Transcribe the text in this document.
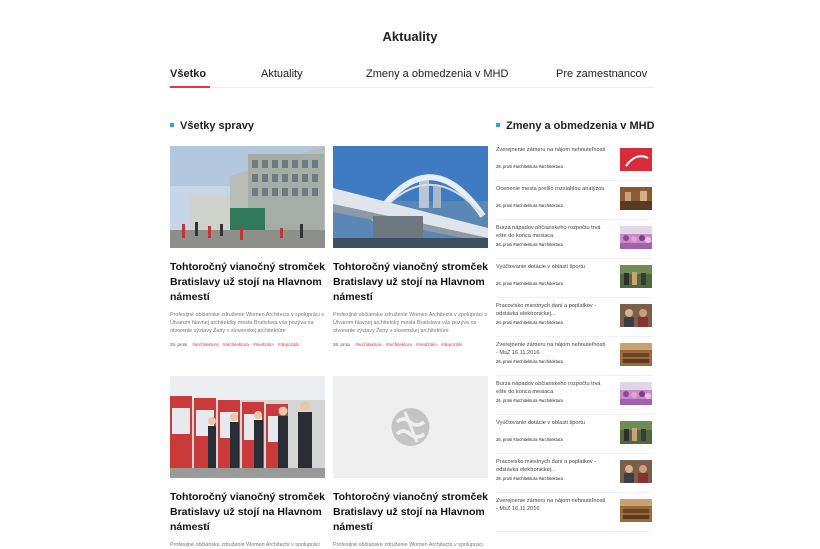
Aktuality
Všetko	Aktuality	Zmeny a obmedzenia v MHD	Pre zamestnancov
Všetky spravy	Zmeny a obmedzenia v MHD
Tohtoročný vianočný stromček Bratislavy už stojí na Hlavnom námestí
Profesijné občianske združenie Women Architects v spolupráci s Útvarom hlavnej architektky mesta Bratislava vás pozýva na otvorenie výstavy Ženy v slovenskej architektúre
26. prosi #architektura #architektura #medzitím #depozitár
Tohtoročný vianočný stromček Bratislavy už stojí na Hlavnom námestí
Profesijné občianske združenie Women Architects v spolupráci s Útvarom hlavnej architektky mesta Bratislava vás pozýva na otvorenie výstavy Ženy v slovenskej architektúre
26. prosi #architektura #architektura #medzitím #depozitár
Tohtoročný vianočný stromček Bratislavy už stojí na Hlavnom námestí
Profesijné občianske združenie Women Architects v spolupráci
Tohtoročný vianočný stromček Bratislavy už stojí na Hlavnom námestí
Profesijné občianske združenie Women Architects v spolupráci
Zverejnenie zámeru na nájom nehnuteľnosti
26. prosi #architektura #architektura
Ocenenie mesta prešlo rozsiahlou analýzou
26. prosi #architektura #architektura
Burza nápadov občianskeho rozpočtu trvá ešte do konca mesiaca
26. prosi #architektura #architektura
Vyúčtovanie dotácie v oblasti športu
26. prosi #architektura #architektura
Pracovisko miestnych daní a poplatkov - odstávka elektronickej...
26. prosi #architektura #architektura
Zverejnenie zámeru na nájom nehnuteľnosti - MsZ 16.11.2016
26. prosi #architektura #architektura
Burza nápadov občianskeho rozpočtu trvá ešte do konca mesiaca
26. prosi #architektura #architektura
Vyúčtovanie dotácie v oblasti športu
26. prosi #architektura #architektura
Pracovisko miestnych daní a poplatkov - odstávka elektronickej...
26. prosi #architektura #architektura
Zverejnenie zámeru na nájom nehnuteľnosti - MsZ 16.11.2016
